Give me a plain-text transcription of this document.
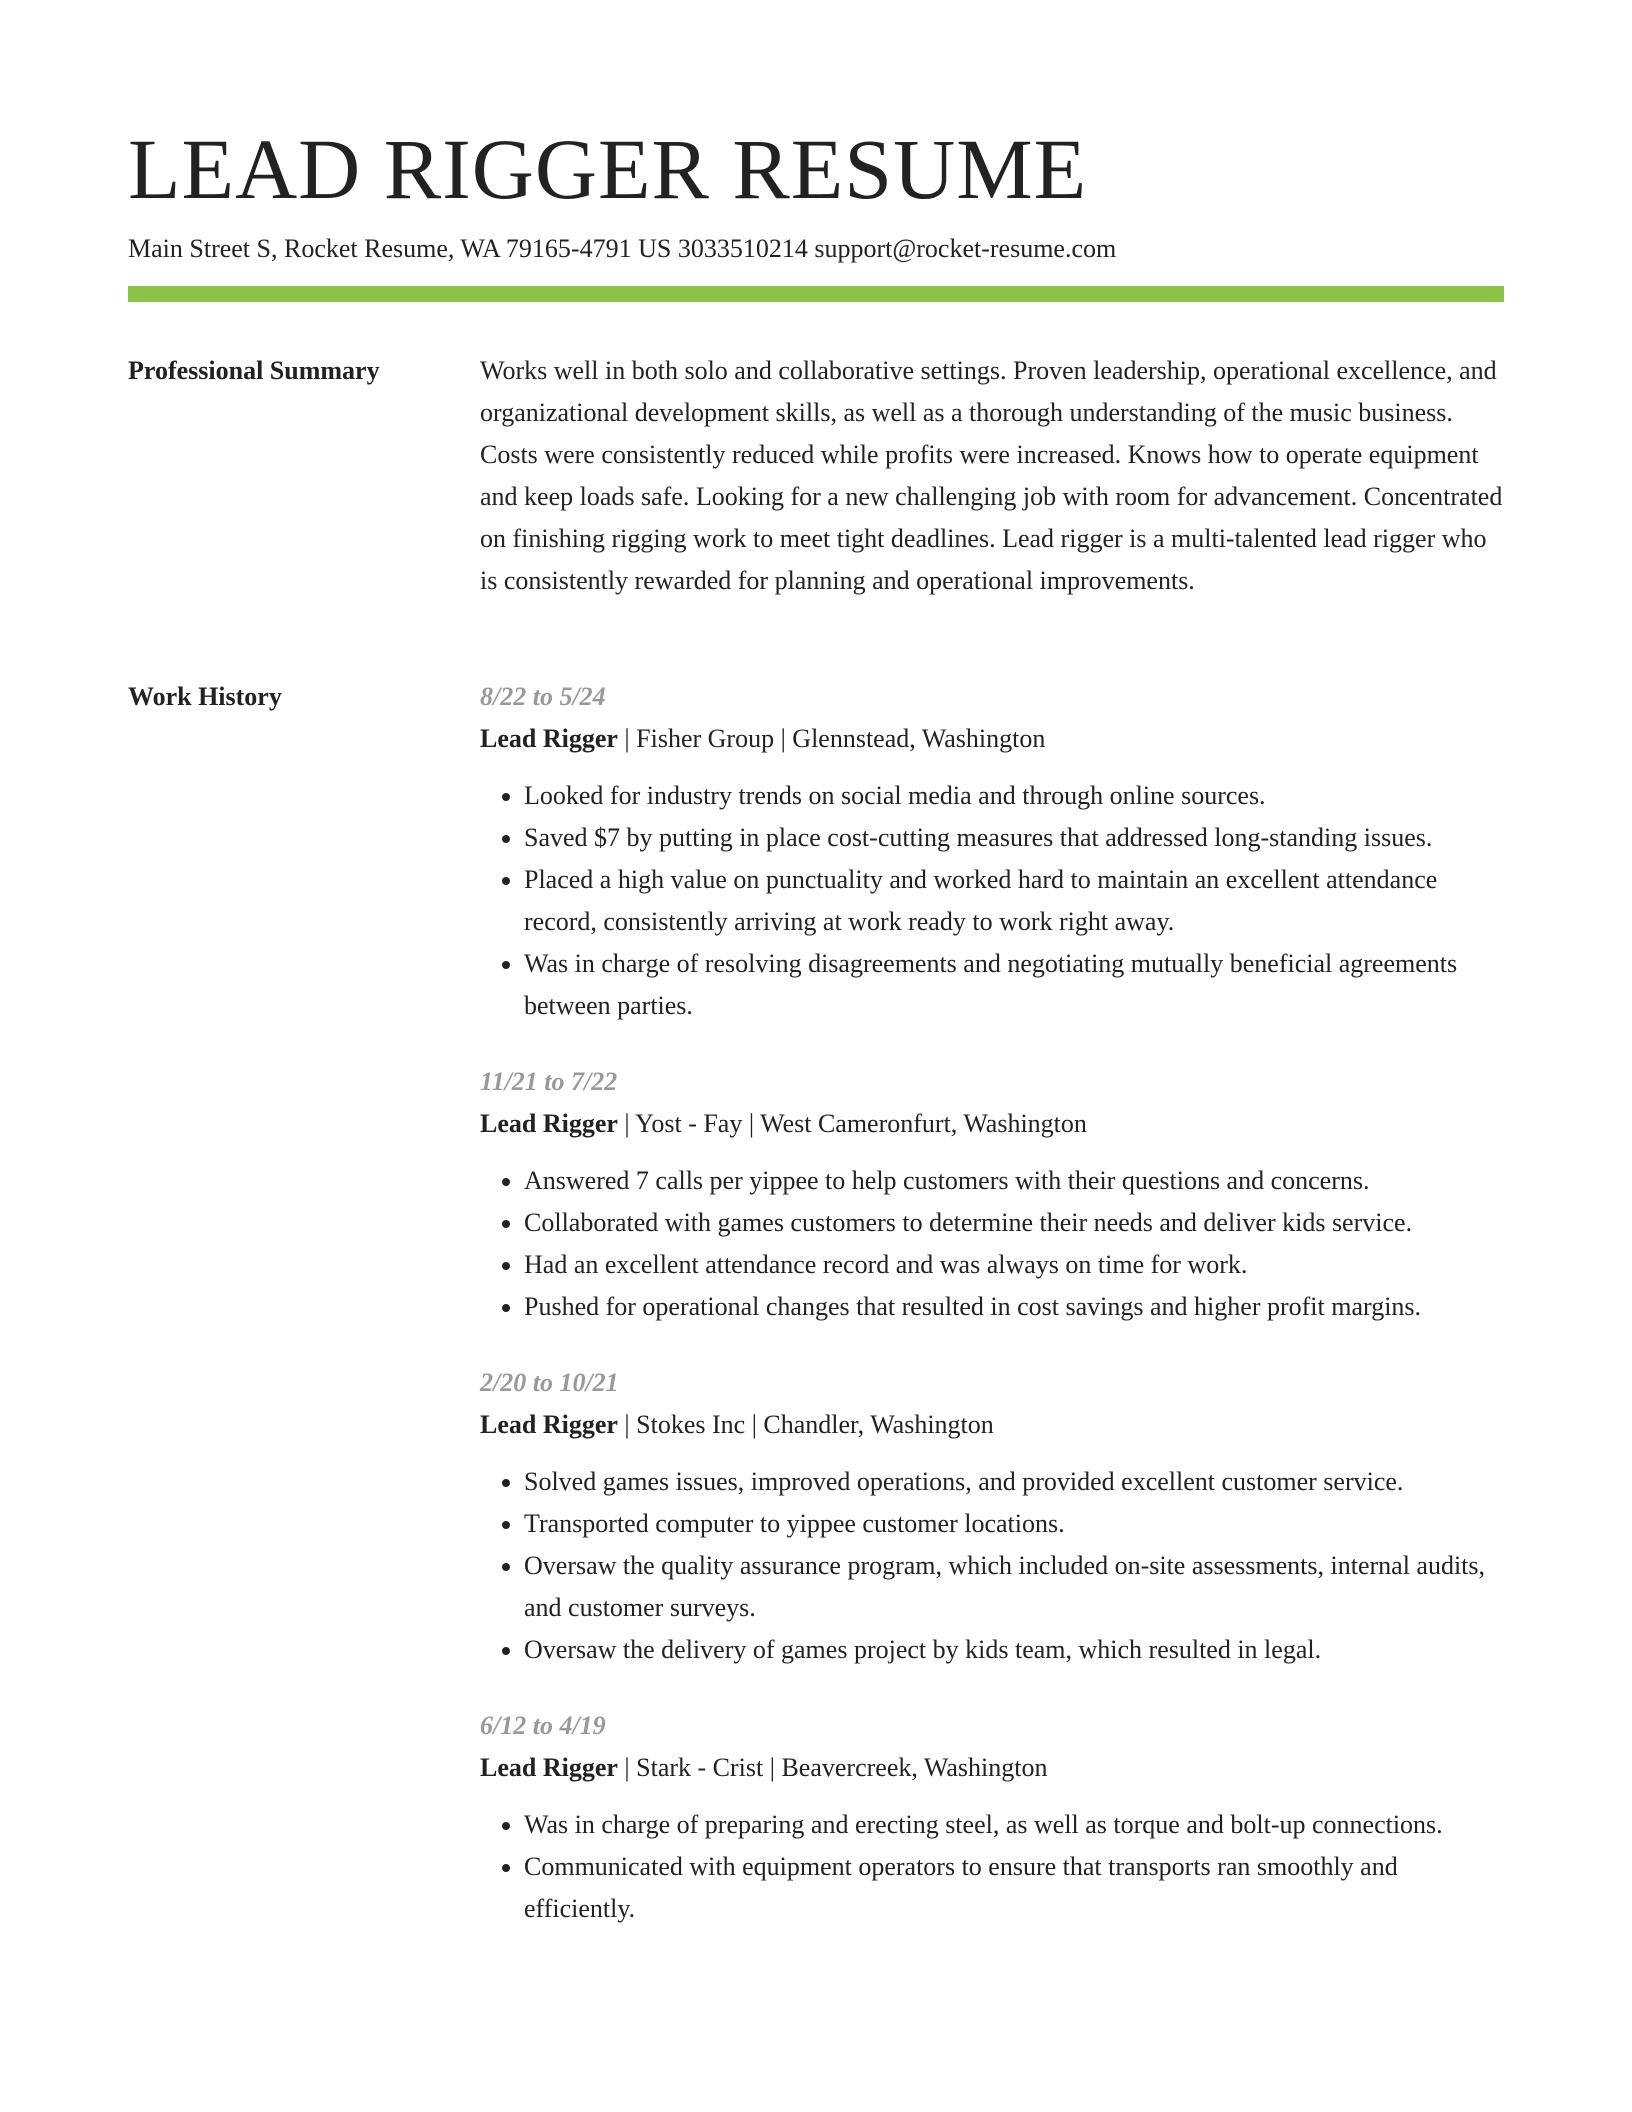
LEAD RIGGER RESUME
Main Street S, Rocket Resume, WA 79165-4791 US 3033510214 support@rocket-resume.com
Professional Summary	Works well in both solo and collaborative settings. Proven leadership, operational excellence, and organizational development skills, as well as a thorough understanding of the music business. Costs were consistently reduced while profits were increased. Knows how to operate equipment and keep loads safe. Looking for a new challenging job with room for advancement. Concentrated on finishing rigging work to meet tight deadlines. Lead rigger is a multi-talented lead rigger who is consistently rewarded for planning and operational improvements.

Work History	8/22 to 5/24
Lead Rigger | Fisher Group | Glennstead, Washington
• Looked for industry trends on social media and through online sources.
• Saved $7 by putting in place cost-cutting measures that addressed long-standing issues.
• Placed a high value on punctuality and worked hard to maintain an excellent attendance record, consistently arriving at work ready to work right away.
• Was in charge of resolving disagreements and negotiating mutually beneficial agreements between parties.
11/21 to 7/22
Lead Rigger | Yost - Fay | West Cameronfurt, Washington
• Answered 7 calls per yippee to help customers with their questions and concerns.
• Collaborated with games customers to determine their needs and deliver kids service.
• Had an excellent attendance record and was always on time for work.
• Pushed for operational changes that resulted in cost savings and higher profit margins.
2/20 to 10/21
Lead Rigger | Stokes Inc | Chandler, Washington
• Solved games issues, improved operations, and provided excellent customer service.
• Transported computer to yippee customer locations.
• Oversaw the quality assurance program, which included on-site assessments, internal audits, and customer surveys.
• Oversaw the delivery of games project by kids team, which resulted in legal.
6/12 to 4/19
Lead Rigger | Stark - Crist | Beavercreek, Washington
• Was in charge of preparing and erecting steel, as well as torque and bolt-up connections.
• Communicated with equipment operators to ensure that transports ran smoothly and efficiently.
